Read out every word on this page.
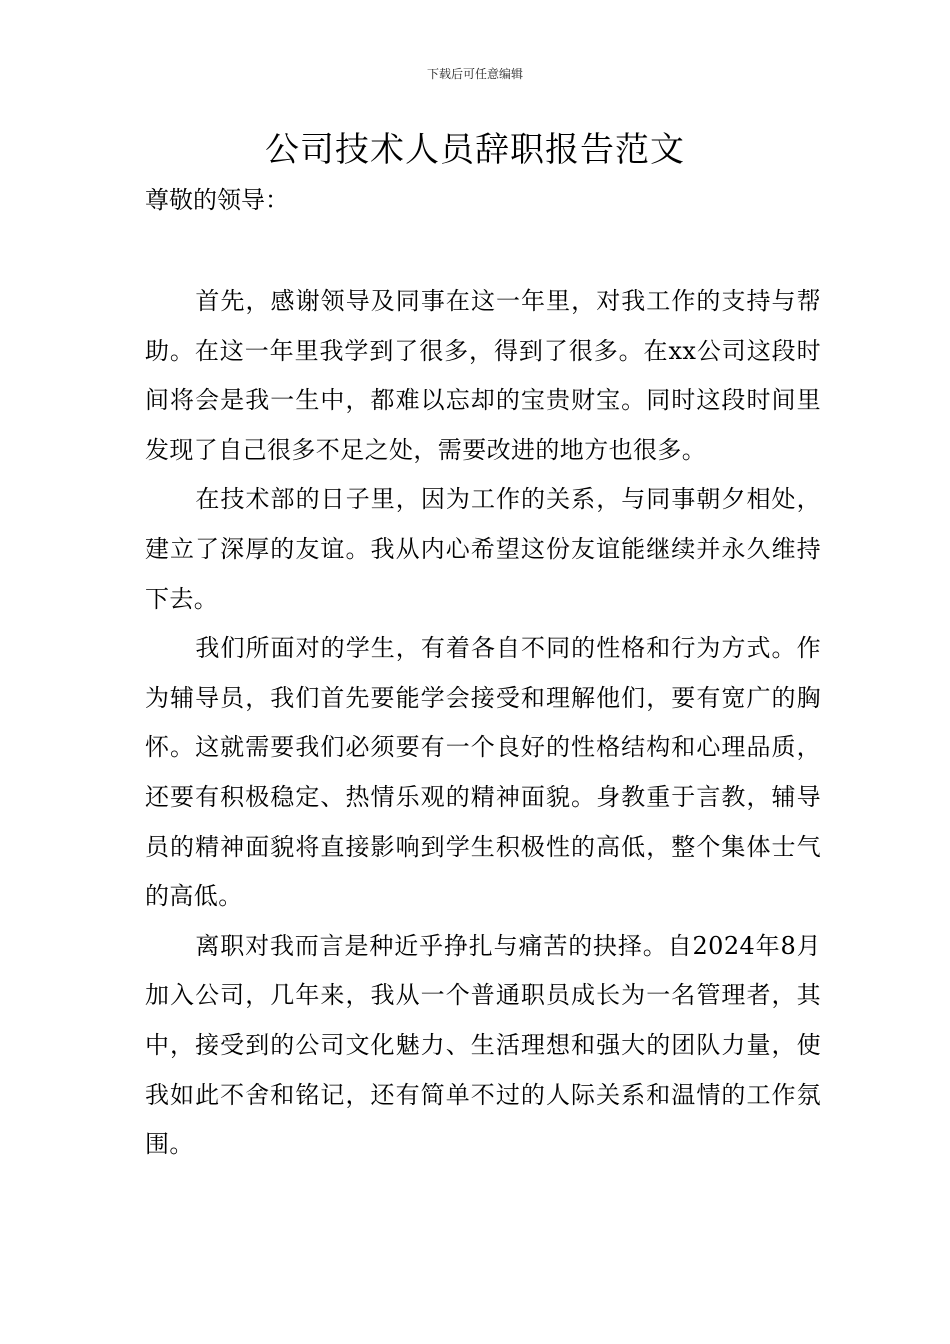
下载后可任意编辑
公司技术人员辞职报告范文
尊敬的领导：

首先，感谢领导及同事在这一年里，对我工作的支持与帮助。在这一年里我学到了很多，得到了很多。在xx公司这段时间将会是我一生中，都难以忘却的宝贵财宝。同时这段时间里发现了自己很多不足之处，需要改进的地方也很多。

在技术部的日子里，因为工作的关系，与同事朝夕相处，建立了深厚的友谊。我从内心希望这份友谊能继续并永久维持下去。

我们所面对的学生，有着各自不同的性格和行为方式。作为辅导员，我们首先要能学会接受和理解他们，要有宽广的胸怀。这就需要我们必须要有一个良好的性格结构和心理品质，还要有积极稳定、热情乐观的精神面貌。身教重于言教，辅导员的精神面貌将直接影响到学生积极性的高低，整个集体士气的高低。

离职对我而言是种近乎挣扎与痛苦的抉择。自2024年8月加入公司，几年来，我从一个普通职员成长为一名管理者，其中，接受到的公司文化魅力、生活理想和强大的团队力量，使我如此不舍和铭记，还有简单不过的人际关系和温情的工作氛围。
